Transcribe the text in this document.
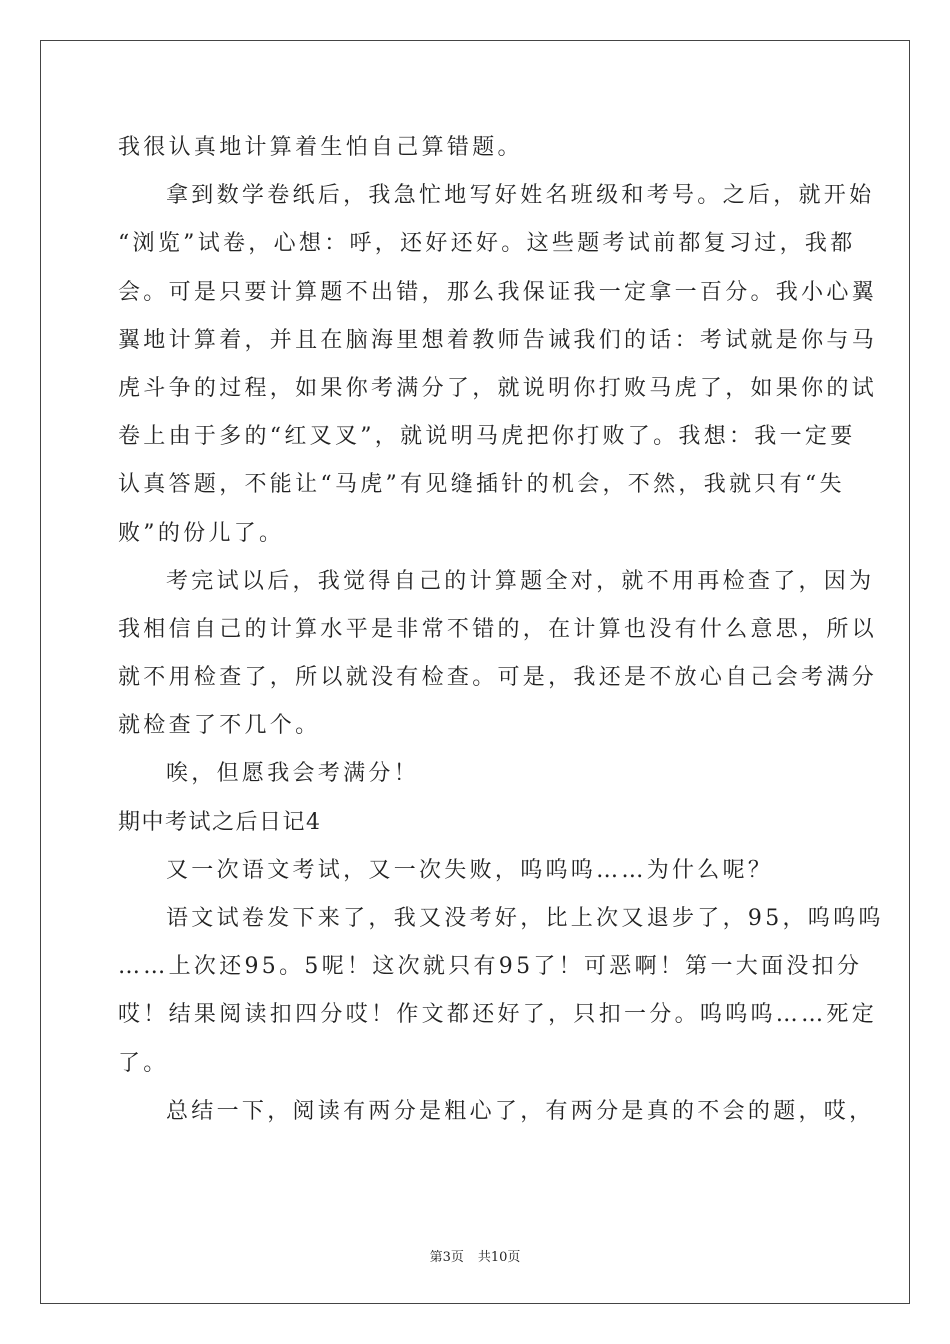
我很认真地计算着生怕自己算错题。
拿到数学卷纸后，我急忙地写好姓名班级和考号。之后，就开始
“浏览”试卷，心想：呼，还好还好。这些题考试前都复习过，我都
会。可是只要计算题不出错，那么我保证我一定拿一百分。我小心翼
翼地计算着，并且在脑海里想着教师告诫我们的话：考试就是你与马
虎斗争的过程，如果你考满分了，就说明你打败马虎了，如果你的试
卷上由于多的“红叉叉”，就说明马虎把你打败了。我想：我一定要
认真答题，不能让“马虎”有见缝插针的机会，不然，我就只有“失
败”的份儿了。
考完试以后，我觉得自己的计算题全对，就不用再检查了，因为
我相信自己的计算水平是非常不错的，在计算也没有什么意思，所以
就不用检查了，所以就没有检查。可是，我还是不放心自己会考满分
就检查了不几个。
唉，但愿我会考满分！
期中考试之后日记4
又一次语文考试，又一次失败，呜呜呜……为什么呢？
语文试卷发下来了，我又没考好，比上次又退步了，95，呜呜呜
……上次还95。5呢！这次就只有95了！可恶啊！第一大面没扣分
哎！结果阅读扣四分哎！作文都还好了，只扣一分。呜呜呜……死定
了。
总结一下，阅读有两分是粗心了，有两分是真的不会的题，哎，
第3页 共10页
